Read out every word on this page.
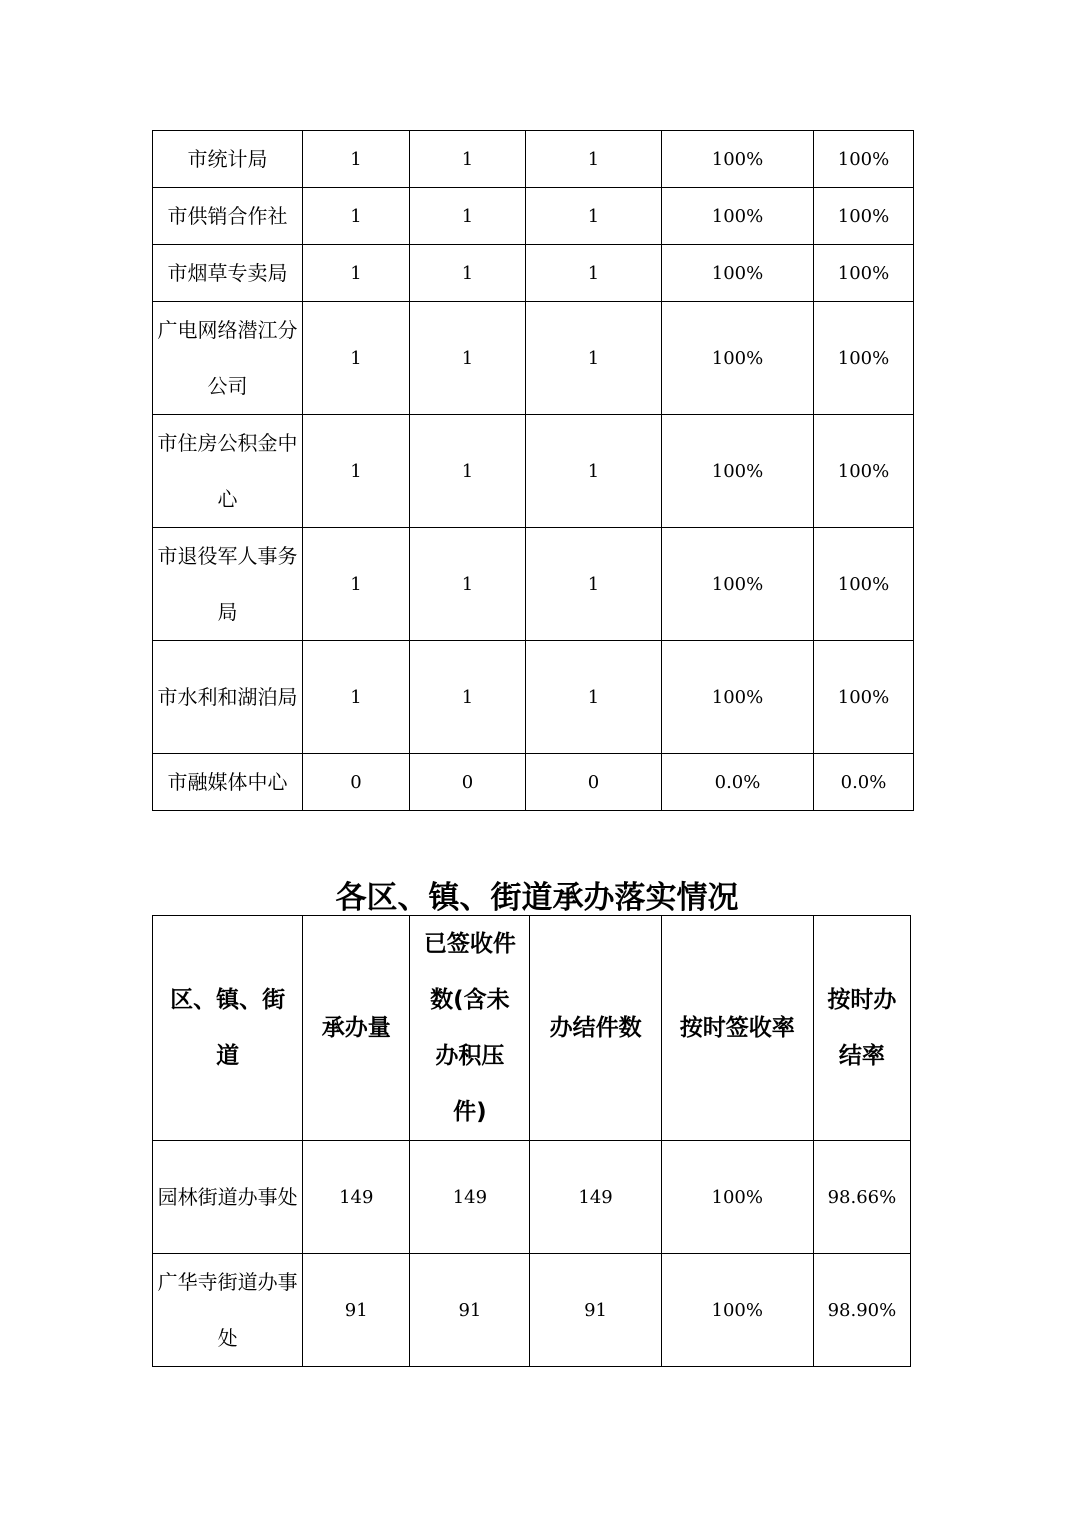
市统计局	1	1	1	100%	100%
市供销合作社	1	1	1	100%	100%
市烟草专卖局	1	1	1	100%	100%
广电网络潜江分公司	1	1	1	100%	100%
市住房公积金中心	1	1	1	100%	100%
市退役军人事务局	1	1	1	100%	100%
市水利和湖泊局	1	1	1	100%	100%
市融媒体中心	0	0	0	0.0%	0.0%
各区、镇、街道承办落实情况
区、镇、街道	承办量	已签收件数(含未办积压件)	办结件数	按时签收率	按时办结率
园林街道办事处	149	149	149	100%	98.66%
广华寺街道办事处	91	91	91	100%	98.90%
